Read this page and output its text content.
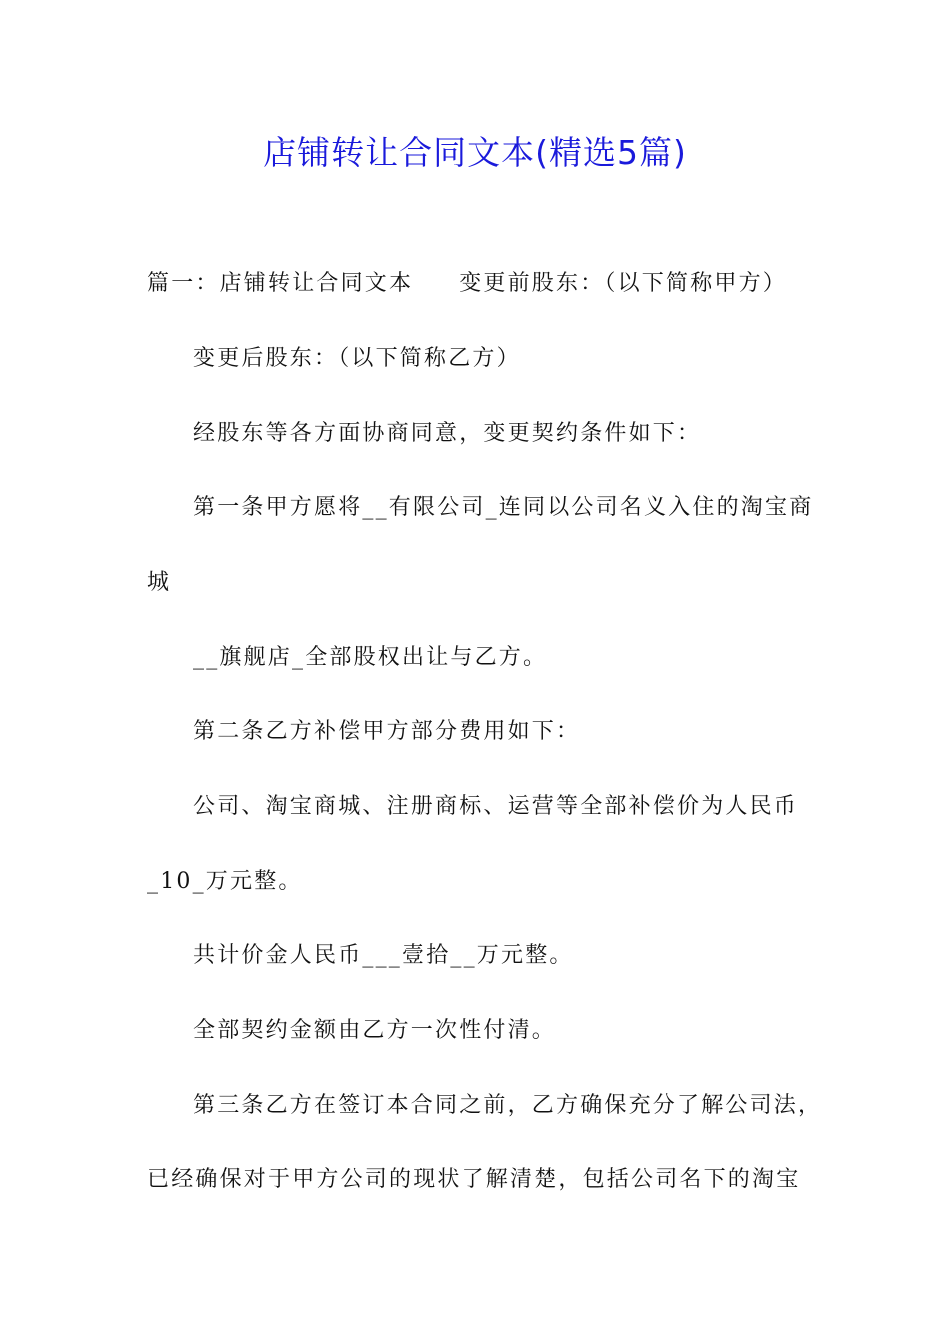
店铺转让合同文本(精选5篇)

篇一：店铺转让合同文本 变更前股东：（以下简称甲方）

变更后股东：（以下简称乙方）

经股东等各方面协商同意，变更契约条件如下：

第一条甲方愿将__有限公司_连同以公司名义入住的淘宝商

城

__旗舰店_全部股权出让与乙方。

第二条乙方补偿甲方部分费用如下：

公司、淘宝商城、注册商标、运营等全部补偿价为人民币

_10_万元整。

共计价金人民币___壹拾__万元整。

全部契约金额由乙方一次性付清。

第三条乙方在签订本合同之前，乙方确保充分了解公司法，

已经确保对于甲方公司的现状了解清楚，包括公司名下的淘宝
